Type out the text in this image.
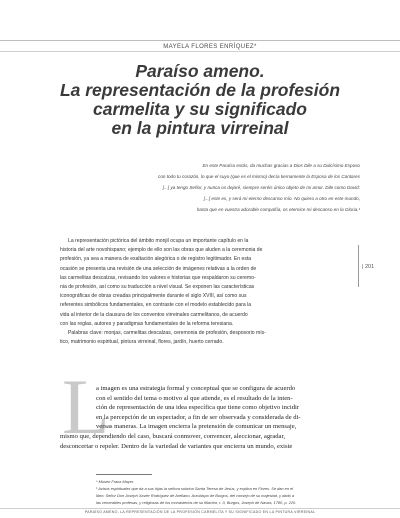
MAYELA FLORES ENRÍQUEZ*
Paraíso ameno.
La representación de la profesión
carmelita y su significado
en la pintura virreinal
En este Paraíso estás, da muchas gracias a Dios Dile a su Dulcísimo Esposo
con todo tu corazón, lo que el suyo (que es el mismo) decía tiernamente la Esposa de los Cantares
[...] ya tengo Señor, y nunca os dejaré, siempre seréis único objeto de mi amor. Dile como David:
[...] este es, y será mi eterno descanso mío. No quiero a otro en este mundo,
hasta que en vuestra adorable compañía, os eternice mi descanso en la Gloria.¹
La representación pictórica del ámbito monjil ocupa un importante capítulo en la
historia del arte novohispano; ejemplo de ello son las obras que aluden a la ceremonia de
profesión, ya sea a manera de exaltación alegórica o de registro legitimador. En esta
ocasión se presenta una revisión de una selección de imágenes relativas a la orden de
las carmelitas descalzas, revisando los valores e historias que respaldaron su ceremo-
nia de profesión, así como su traducción a nivel visual. Se exponen las características
iconográficas de obras creadas principalmente durante el siglo XVIII, así como sus
referentes simbólicos fundamentales, en contraste con el modelo establecido para la
vida al interior de la clausura de los conventos virreinales carmelitanos, de acuerdo
con las reglas, autores y paradigmas fundamentales de la reforma teresiana.
Palabras clave: monjas, carmelitas descalzas, ceremonia de profesión, desposorio mís-
tico, matrimonio espiritual, pintura virreinal, flores, jardín, huerto cerrado.
| 201
L
a imagen es una estrategia formal y conceptual que se configura de acuerdo
con el sentido del tema o motivo al que atiende, es el resultado de la inten-
ción de representación de una idea específica que tiene como objetivo incidir
en la percepción de un espectador, a fin de ser observada y considerada de di-
versas maneras. La imagen encierra la pretensión de comunicar un mensaje,
mismo que, dependiendo del caso, buscará conmover, convencer, aleccionar, agradar,
desconcertar o repeler. Dentro de la variedad de variantes que encierra un mundo, existe
* Museo Franz Mayer.
¹ Avisos espirituales que da a sus hijas la señora sobrina Santa Teresa de Jesús, y explica en Flores. Se dan en el
libro: Señor Don Joseph Xavier Rodríguez de Arellano, Arzobispo de Burgos, del consejo de su majestad, y dado a
las venerables profesas, y religiosas de los monasterios de su filiación, t. II, Burgos, Joseph de Navas, 1780, p. 220.
PARAÍSO AMENO. LA REPRESENTACIÓN DE LA PROFESIÓN CARMELITA Y SU SIGNIFICADO EN LA PINTURA VIRREINAL
